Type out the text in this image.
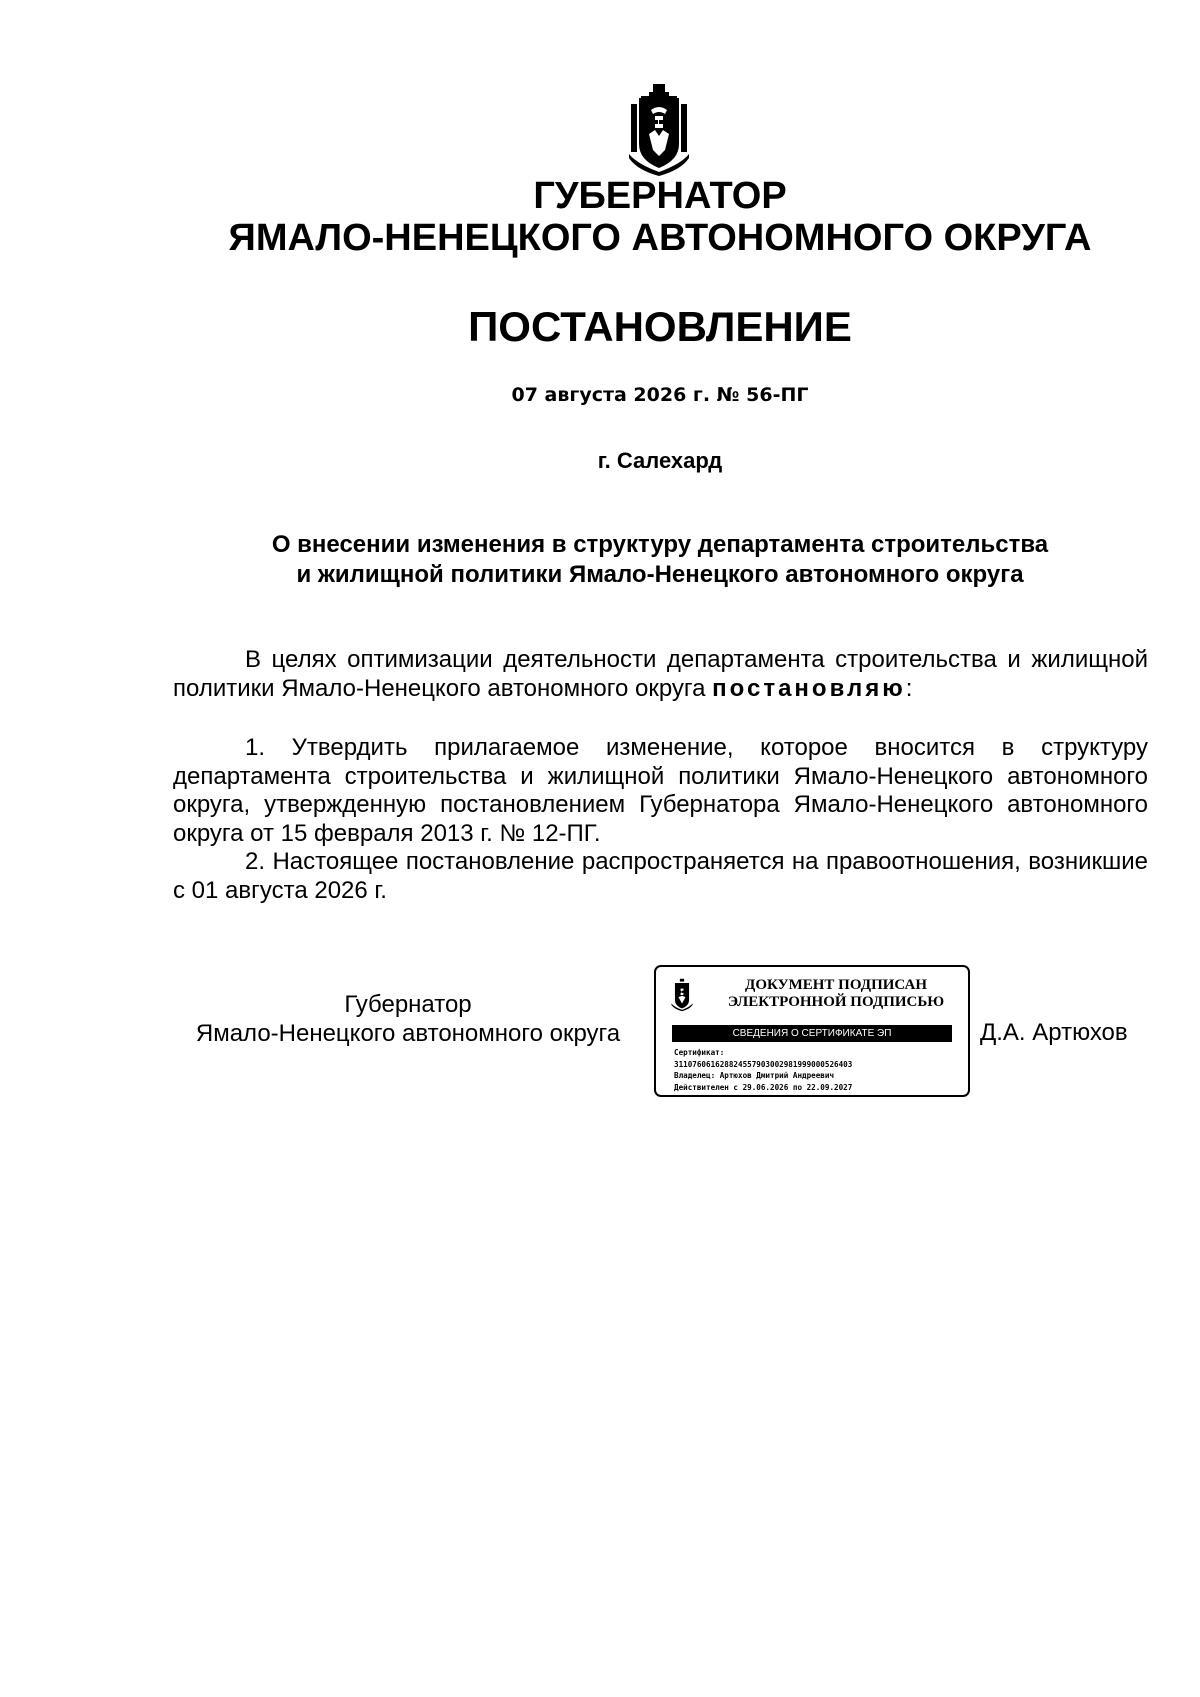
ГУБЕРНАТОР
ЯМАЛО-НЕНЕЦКОГО АВТОНОМНОГО ОКРУГА
ПОСТАНОВЛЕНИЕ
07 августа 2026 г. № 56-ПГ
г. Салехард
О внесении изменения в структуру департамента строительства
и жилищной политики Ямало-Ненецкого автономного округа

В целях оптимизации деятельности департамента строительства и жилищной политики Ямало-Ненецкого автономного округа постановляю:

1. Утвердить прилагаемое изменение, которое вносится в структуру департамента строительства и жилищной политики Ямало-Ненецкого автономного округа, утвержденную постановлением Губернатора Ямало-Ненецкого автономного округа от 15 февраля 2013 г. № 12-ПГ.

2. Настоящее постановление распространяется на правоотношения, возникшие с 01 августа 2026 г.

Губернатор
Ямало-Ненецкого автономного округа
ДОКУМЕНТ ПОДПИСАН
ЭЛЕКТРОННОЙ ПОДПИСЬЮ
СВЕДЕНИЯ О СЕРТИФИКАТЕ ЭП
Сертификат:
31107606162882455790300298199900052640З
Владелец: Артюхов Дмитрий Андреевич
Действителен с 29.06.2026 по 22.09.2027
Д.А. Артюхов
